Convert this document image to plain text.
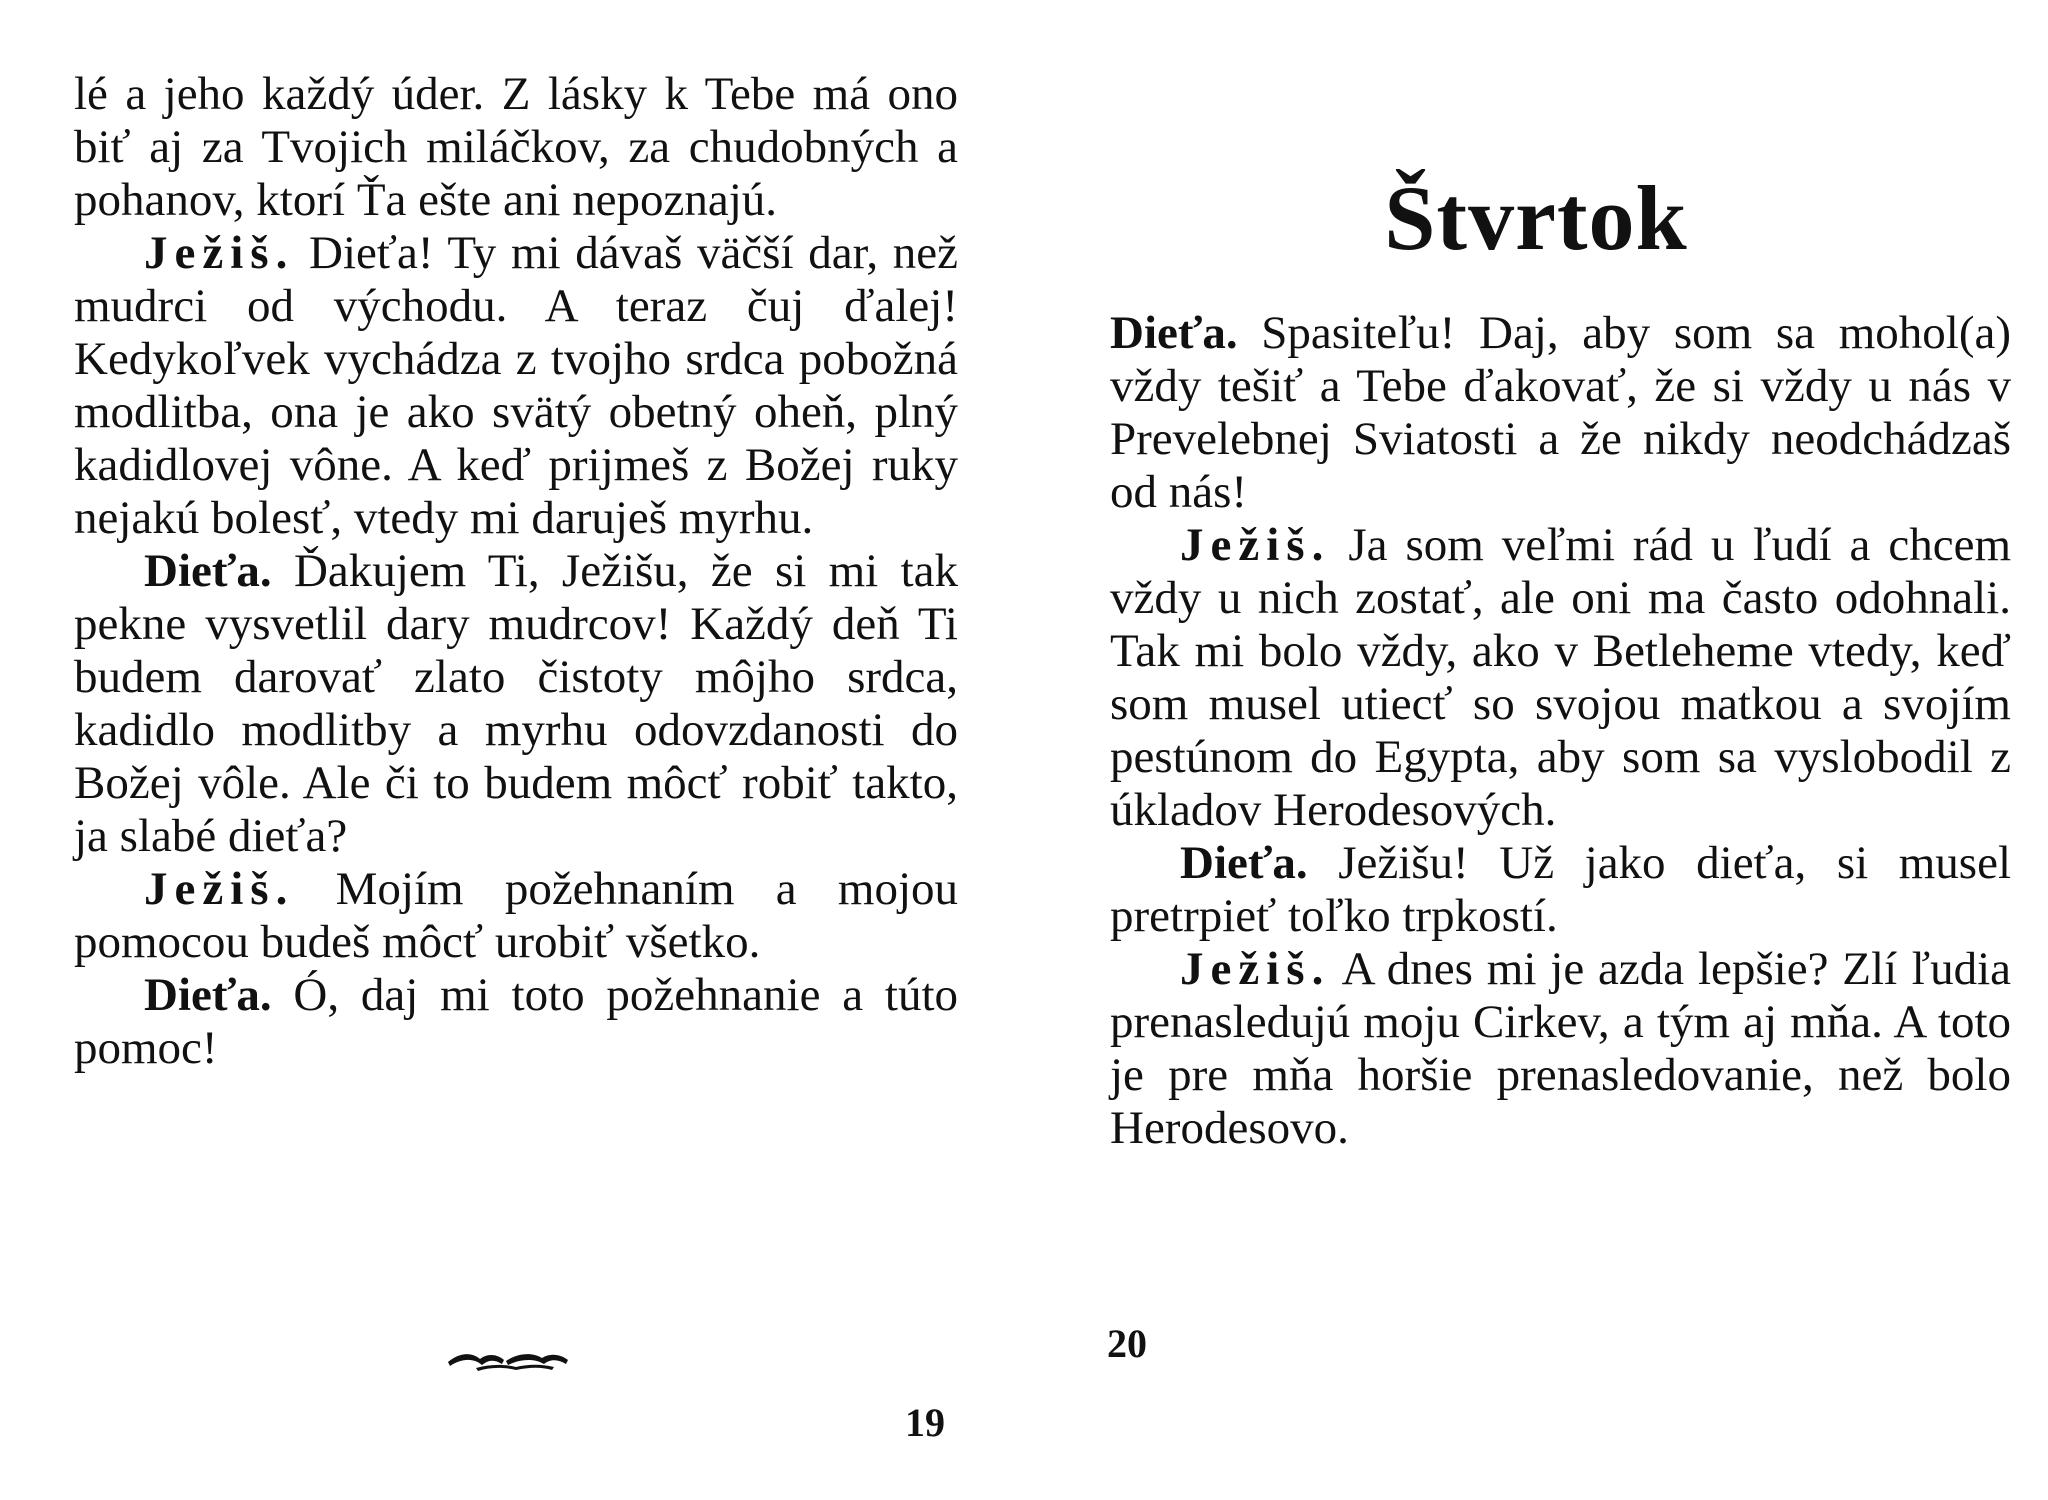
lé a jeho každý úder. Z lásky k Tebe má ono biť aj za Tvojich miláčkov, za chudobných a pohanov, ktorí Ťa ešte ani nepoznajú.

Ježiš. Dieťa! Ty mi dávaš väčší dar, než mudrci od východu. A teraz čuj ďalej! Kedykoľvek vychádza z tvojho srdca pobožná modlitba, ona je ako svätý obetný oheň, plný kadidlovej vône. A keď prijmeš z Božej ruky nejakú bolesť, vtedy mi daruješ myrhu.

Dieťa. Ďakujem Ti, Ježišu, že si mi tak pekne vysvetlil dary mudrcov! Každý deň Ti budem darovať zlato čistoty môjho srdca, kadidlo modlitby a myrhu odovzdanosti do Božej vôle. Ale či to budem môcť robiť takto, ja slabé dieťa?

Ježiš. Mojím požehnaním a mojou pomocou budeš môcť urobiť všetko.

Dieťa. Ó, daj mi toto požehnanie a túto pomoc!

19
Štvrtok

Dieťa. Spasiteľu! Daj, aby som sa mohol(a) vždy tešiť a Tebe ďakovať, že si vždy u nás v Prevelebnej Sviatosti a že nikdy neodchádzaš od nás!

Ježiš. Ja som veľmi rád u ľudí a chcem vždy u nich zostať, ale oni ma často odohnali. Tak mi bolo vždy, ako v Betleheme vtedy, keď som musel utiecť so svojou matkou a svojím pestúnom do Egypta, aby som sa vyslobodil z úkladov Herodesových.

Dieťa. Ježišu! Už jako dieťa, si musel pretrpieť toľko trpkostí.

Ježiš. A dnes mi je azda lepšie? Zlí ľudia prenasledujú moju Cirkev, a tým aj mňa. A toto je pre mňa horšie prenasledovanie, než bolo Herodesovo.

20
